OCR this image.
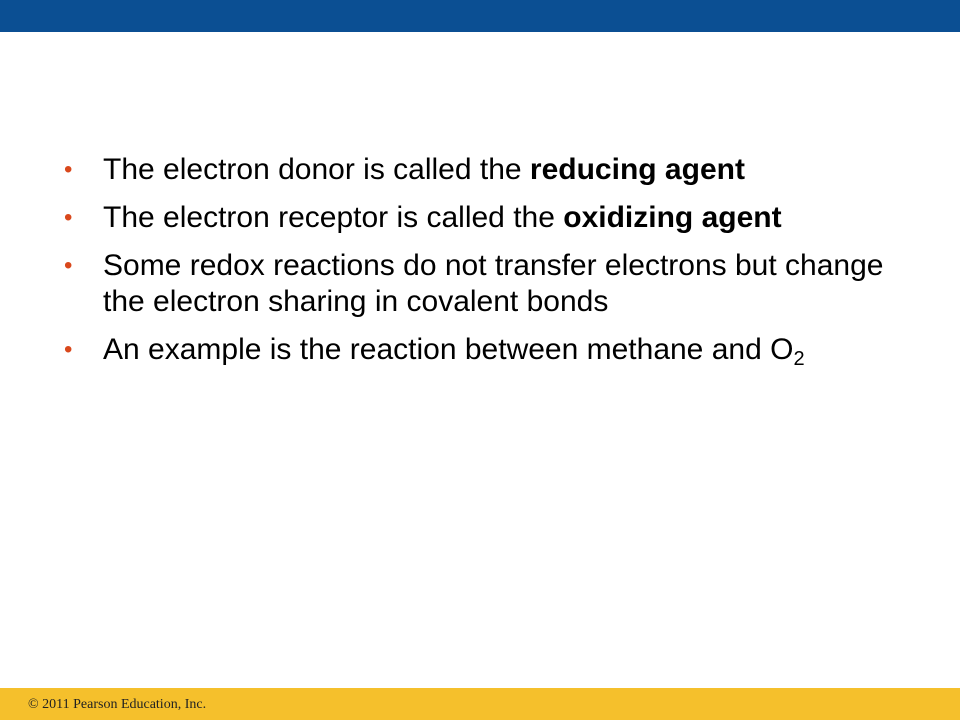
•	The electron donor is called the reducing agent
•	The electron receptor is called the oxidizing agent
•	Some redox reactions do not transfer electrons but change the electron sharing in covalent bonds
•	An example is the reaction between methane and $O_2$
© 2011 Pearson Education, Inc.
